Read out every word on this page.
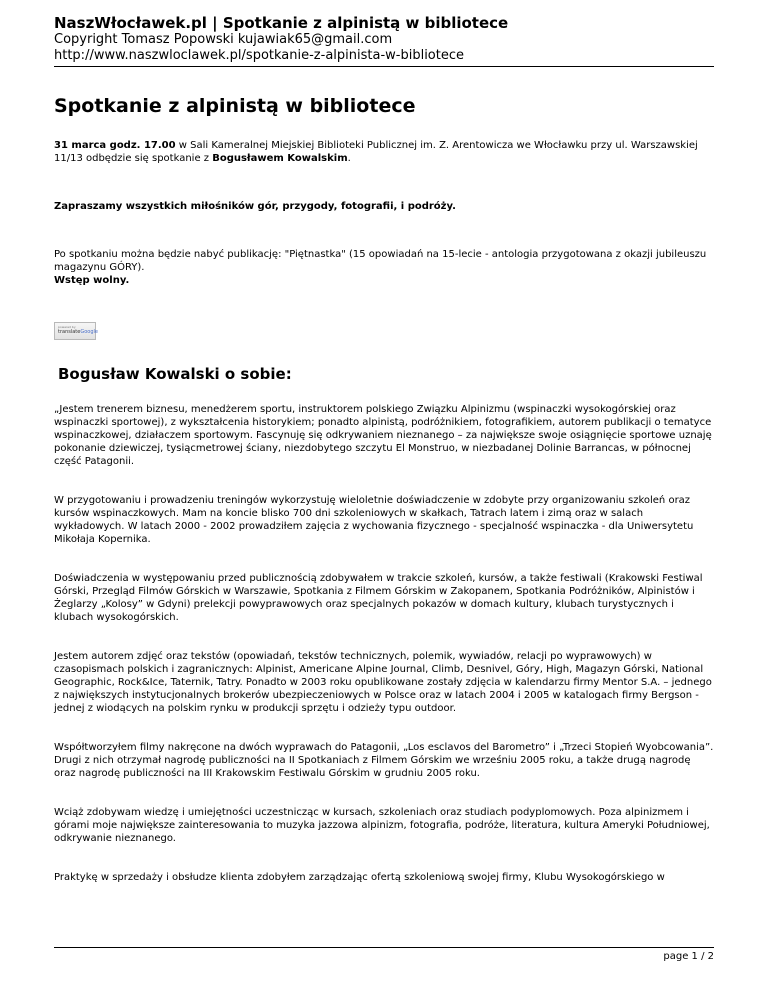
NaszWłocławek.pl | Spotkanie z alpinistą w bibliotece
Copyright Tomasz Popowski kujawiak65@gmail.com
http://www.naszwloclawek.pl/spotkanie-z-alpinista-w-bibliotece
Spotkanie z alpinistą w bibliotece

31 marca godz. 17.00 w Sali Kameralnej Miejskiej Biblioteki Publicznej im. Z. Arentowicza we Włocławku przy ul. Warszawskiej 11/13 odbędzie się spotkanie z Bogusławem Kowalskim.

Zapraszamy wszystkich miłośników gór, przygody, fotografii, i podróży.

Po spotkaniu można będzie nabyć publikację: "Piętnastka" (15 opowiadań na 15-lecie - antologia przygotowana z okazji jubileuszu magazynu GÓRY).
Wstęp wolny.

powered by
translateGoogle
Bogusław Kowalski o sobie:

„Jestem trenerem biznesu, menedżerem sportu, instruktorem polskiego Związku Alpinizmu (wspinaczki wysokogórskiej oraz wspinaczki sportowej), z wykształcenia historykiem; ponadto alpinistą, podróżnikiem, fotografikiem, autorem publikacji o tematyce wspinaczkowej, działaczem sportowym. Fascynuję się odkrywaniem nieznanego – za największe swoje osiągnięcie sportowe uznaję pokonanie dziewiczej, tysiącmetrowej ściany, niezdobytego szczytu El Monstruo, w niezbadanej Dolinie Barrancas, w północnej część Patagonii.

W przygotowaniu i prowadzeniu treningów wykorzystuję wieloletnie doświadczenie w zdobyte przy organizowaniu szkoleń oraz kursów wspinaczkowych. Mam na koncie blisko 700 dni szkoleniowych w skałkach, Tatrach latem i zimą oraz w salach wykładowych. W latach 2000 - 2002 prowadziłem zajęcia z wychowania fizycznego - specjalność wspinaczka - dla Uniwersytetu Mikołaja Kopernika.

Doświadczenia w występowaniu przed publicznością zdobywałem w trakcie szkoleń, kursów, a także festiwali (Krakowski Festiwal Górski, Przegląd Filmów Górskich w Warszawie, Spotkania z Filmem Górskim w Zakopanem, Spotkania Podróżników, Alpinistów i Żeglarzy „Kolosy” w Gdyni) prelekcji powyprawowych oraz specjalnych pokazów w domach kultury, klubach turystycznych i klubach wysokogórskich.

Jestem autorem zdjęć oraz tekstów (opowiadań, tekstów technicznych, polemik, wywiadów, relacji po wyprawowych) w czasopismach polskich i zagranicznych: Alpinist, Americane Alpine Journal, Climb, Desnivel, Góry, High, Magazyn Górski, National Geographic, Rock&Ice, Taternik, Tatry. Ponadto w 2003 roku opublikowane zostały zdjęcia w kalendarzu firmy Mentor S.A. – jednego z największych instytucjonalnych brokerów ubezpieczeniowych w Polsce oraz w latach 2004 i 2005 w katalogach firmy Bergson - jednej z wiodących na polskim rynku w produkcji sprzętu i odzieży typu outdoor.

Współtworzyłem filmy nakręcone na dwóch wyprawach do Patagonii, „Los esclavos del Barometro” i „Trzeci Stopień Wyobcowania”. Drugi z nich otrzymał nagrodę publiczności na II Spotkaniach z Filmem Górskim we wrześniu 2005 roku, a także drugą nagrodę oraz nagrodę publiczności na III Krakowskim Festiwalu Górskim w grudniu 2005 roku.

Wciąż zdobywam wiedzę i umiejętności uczestnicząc w kursach, szkoleniach oraz studiach podyplomowych. Poza alpinizmem i górami moje największe zainteresowania to muzyka jazzowa alpinizm, fotografia, podróże, literatura, kultura Ameryki Południowej, odkrywanie nieznanego.

Praktykę w sprzedaży i obsłudze klienta zdobyłem zarządzając ofertą szkoleniową swojej firmy, Klubu Wysokogórskiego w

page 1 / 2
